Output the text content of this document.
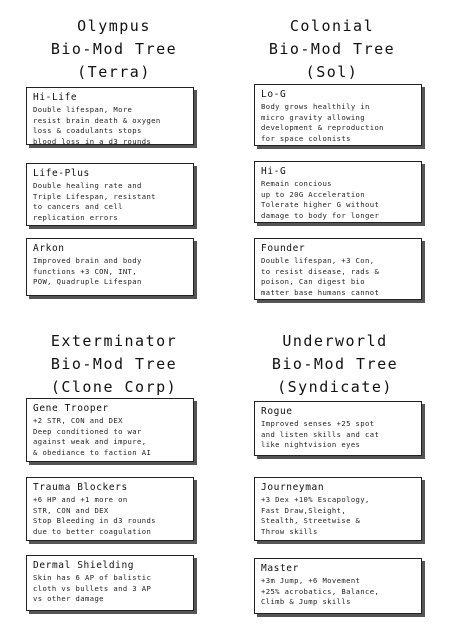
Olympus
Bio-Mod Tree
(Terra)
Hi-Life
Double lifespan, More
resist brain death & oxygen
loss & coadulants stops
blood loss in a d3 rounds
Life-Plus
Double healing rate and
Triple Lifespan, resistant
to cancers and cell
replication errors
Arkon
Improved brain and body
functions +3 CON, INT,
POW, Quadruple Lifespan
Colonial
Bio-Mod Tree
(Sol)
Lo-G
Body grows healthily in
micro gravity allowing
development & reproduction
for space colonists
Hi-G
Remain concious
up to 20G Acceleration
Tolerate higher G without
damage to body for longer
Founder
Double lifespan, +3 Con,
to resist disease, rads &
poison, Can digest bio
matter base humans cannot
Exterminator
Bio-Mod Tree
(Clone Corp)
Gene Trooper
+2 STR, CON and DEX
Deep conditioned to war
against weak and impure,
& obediance to faction AI
Trauma Blockers
+6 HP and +1 more on
STR, CON and DEX
Stop Bleeding in d3 rounds
due to better coagulation
Dermal Shielding
Skin has 6 AP of balistic
cloth vs bullets and 3 AP
vs other damage
Underworld
Bio-Mod Tree
(Syndicate)
Rogue
Improved senses +25 spot
and listen skills and cat
like nightvision eyes
Journeyman
+3 Dex +10% Escapology,
Fast Draw,Sleight,
Stealth, Streetwise &
Throw skills
Master
+3m Jump, +6 Movement
+25% acrobatics, Balance,
Climb & Jump skills
